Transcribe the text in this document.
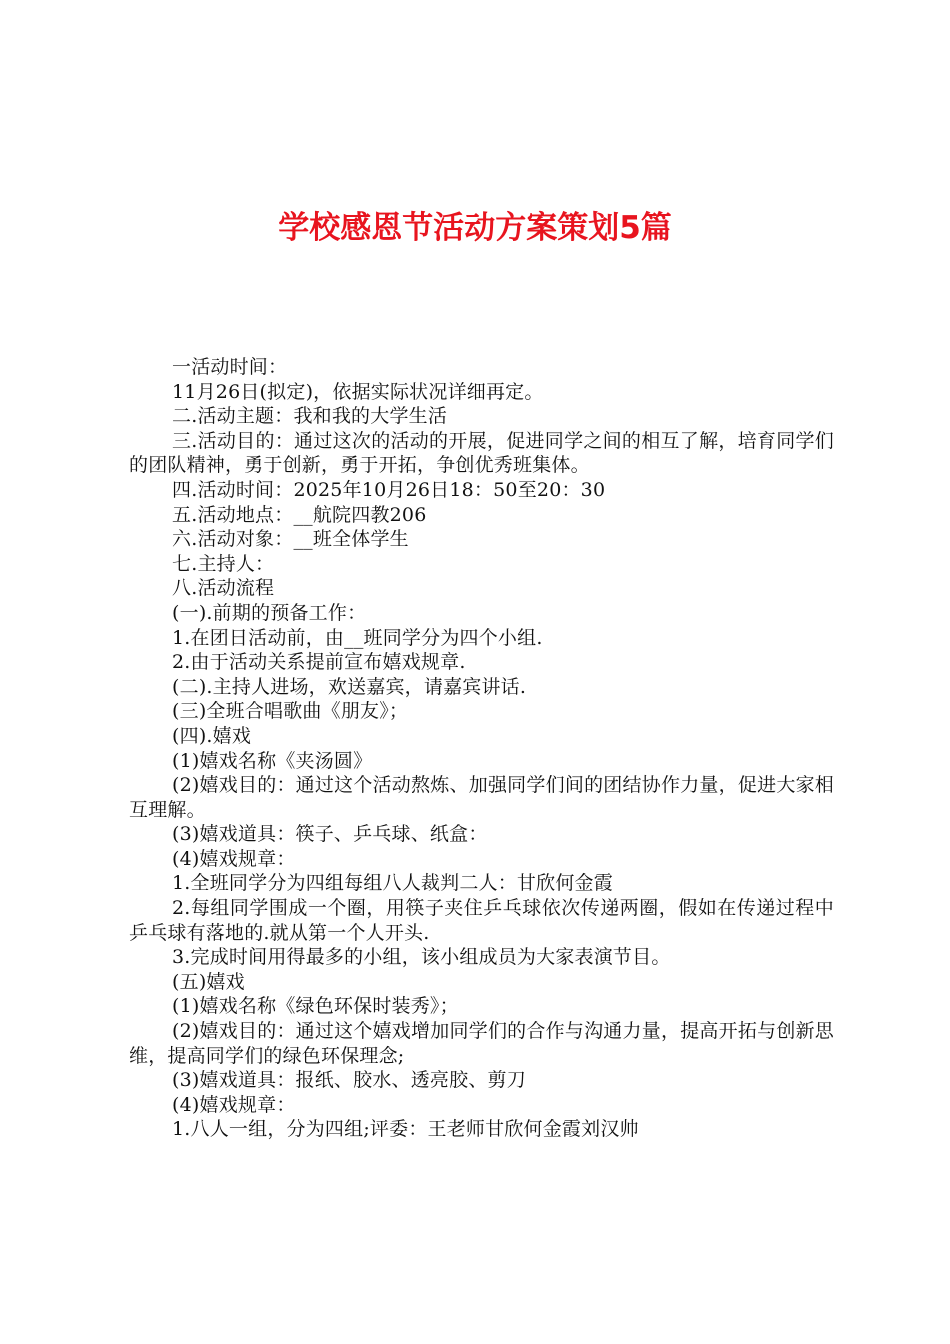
学校感恩节活动方案策划5篇

一活动时间：

11月26日(拟定)，依据实际状况详细再定。

二.活动主题：我和我的大学生活

三.活动目的：通过这次的活动的开展，促进同学之间的相互了解，培育同学们的团队精神，勇于创新，勇于开拓，争创优秀班集体。

四.活动时间：2025年10月26日18：50至20：30

五.活动地点：__航院四教206

六.活动对象：__班全体学生

七.主持人：

八.活动流程

(一).前期的预备工作：

1.在团日活动前，由__班同学分为四个小组.

2.由于活动关系提前宣布嬉戏规章.

(二).主持人进场，欢送嘉宾，请嘉宾讲话.

(三)全班合唱歌曲《朋友》；

(四).嬉戏

(1)嬉戏名称《夹汤圆》

(2)嬉戏目的：通过这个活动熬炼、加强同学们间的团结协作力量，促进大家相互理解。

(3)嬉戏道具：筷子、乒乓球、纸盒：

(4)嬉戏规章：

1.全班同学分为四组每组八人裁判二人：甘欣何金霞

2.每组同学围成一个圈，用筷子夹住乒乓球依次传递两圈，假如在传递过程中乒乓球有落地的.就从第一个人开头.

3.完成时间用得最多的小组，该小组成员为大家表演节目。

(五)嬉戏

(1)嬉戏名称《绿色环保时装秀》；

(2)嬉戏目的：通过这个嬉戏增加同学们的合作与沟通力量，提高开拓与创新思维，提高同学们的绿色环保理念;

(3)嬉戏道具：报纸、胶水、透亮胶、剪刀

(4)嬉戏规章：

1.八人一组，分为四组;评委：王老师甘欣何金霞刘汉帅
